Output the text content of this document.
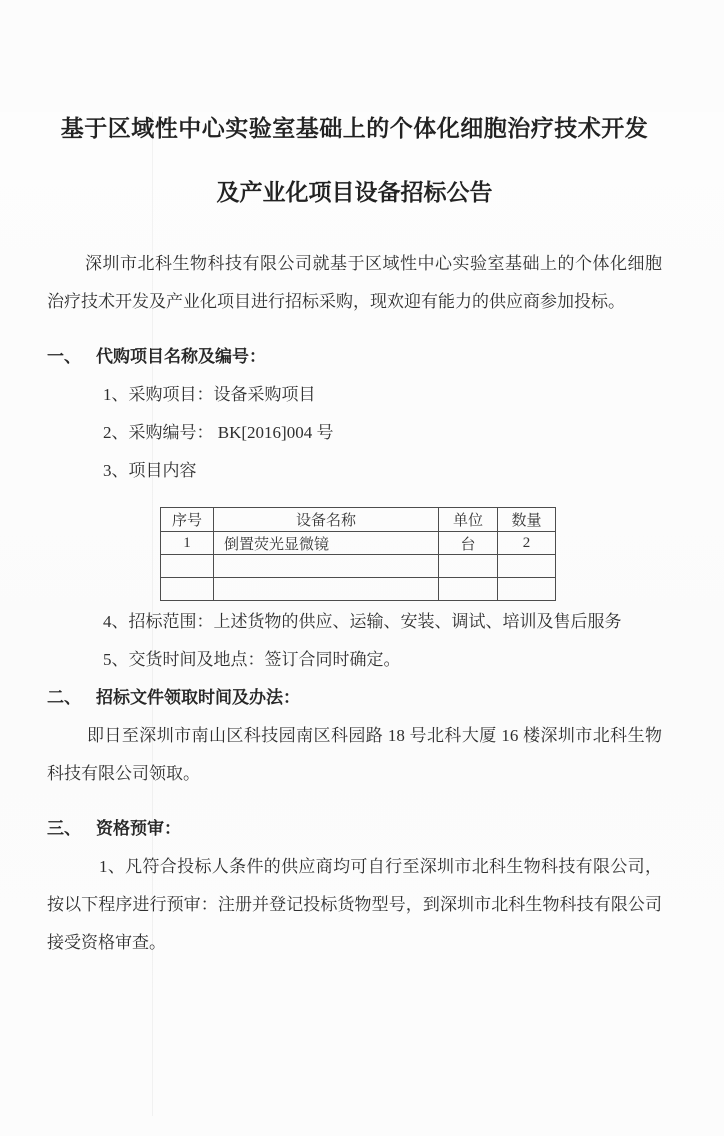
基于区域性中心实验室基础上的个体化细胞治疗技术开发
及产业化项目设备招标公告

深圳市北科生物科技有限公司就基于区域性中心实验室基础上的个体化细胞治疗技术开发及产业化项目进行招标采购，现欢迎有能力的供应商参加投标。

一、 代购项目名称及编号：
1、采购项目：设备采购项目
2、采购编号： BK[2016]004 号
3、项目内容
序号	设备名称	单位	数量
1	倒置荧光显微镜	台	2

4、招标范围：上述货物的供应、运输、安装、调试、培训及售后服务
5、交货时间及地点：签订合同时确定。
二、 招标文件领取时间及办法：

即日至深圳市南山区科技园南区科园路 18 号北科大厦 16 楼深圳市北科生物科技有限公司领取。

三、 资格预审：

1、凡符合投标人条件的供应商均可自行至深圳市北科生物科技有限公司，按以下程序进行预审：注册并登记投标货物型号，到深圳市北科生物科技有限公司接受资格审查。
